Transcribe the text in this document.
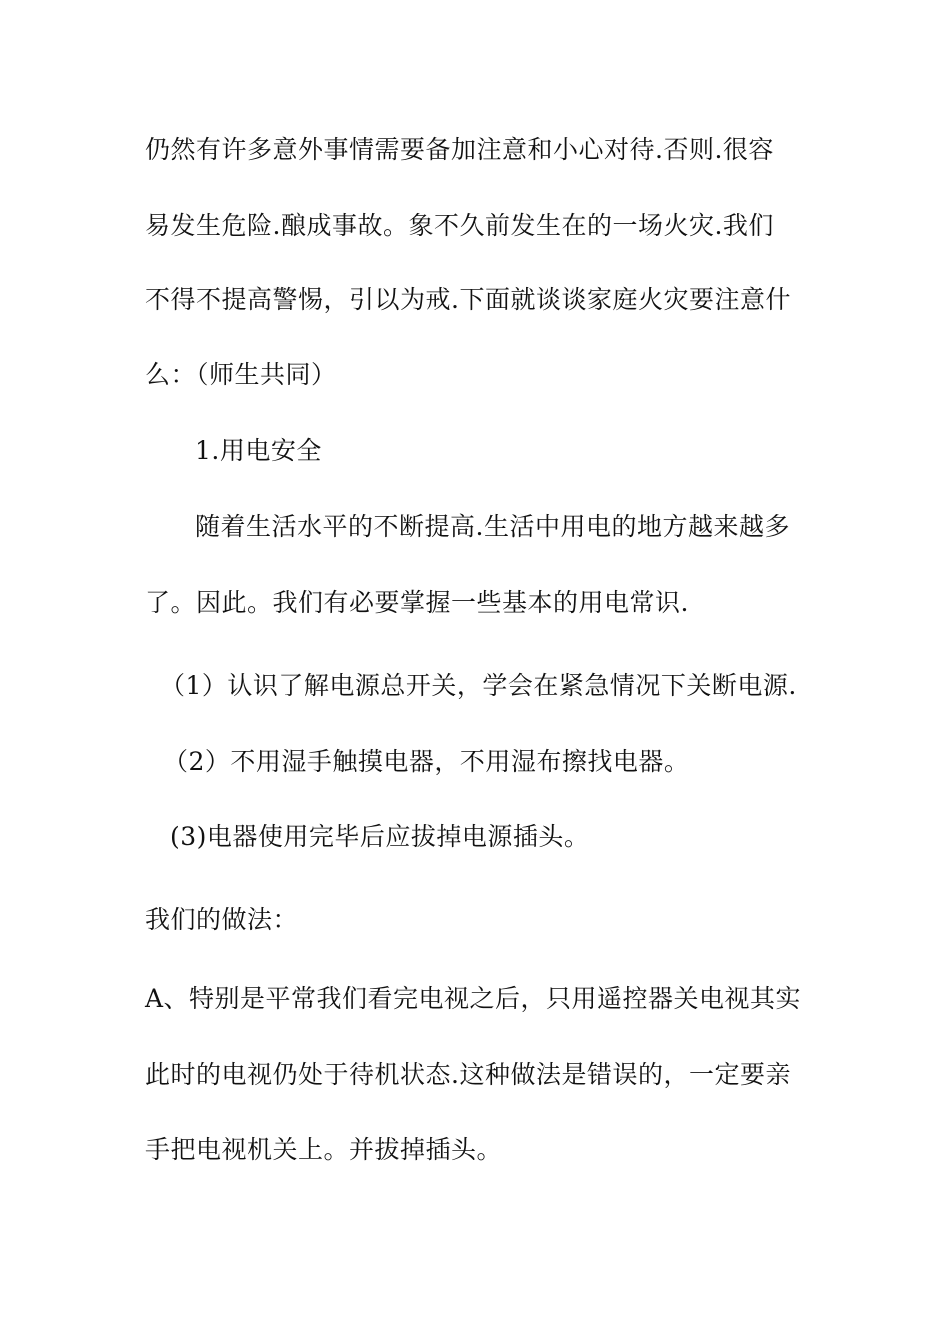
仍然有许多意外事情需要备加注意和小心对待.否则.很容
易发生危险.酿成事故。象不久前发生在的一场火灾.我们
不得不提高警惕，引以为戒.下面就谈谈家庭火灾要注意什
么：（师生共同）
1.用电安全
随着生活水平的不断提高.生活中用电的地方越来越多
了。因此。我们有必要掌握一些基本的用电常识.
（1）认识了解电源总开关，学会在紧急情况下关断电源.
（2）不用湿手触摸电器，不用湿布擦找电器。
(3)电器使用完毕后应拔掉电源插头。
我们的做法：
A、特别是平常我们看完电视之后，只用遥控器关电视其实
此时的电视仍处于待机状态.这种做法是错误的，一定要亲
手把电视机关上。并拔掉插头。
